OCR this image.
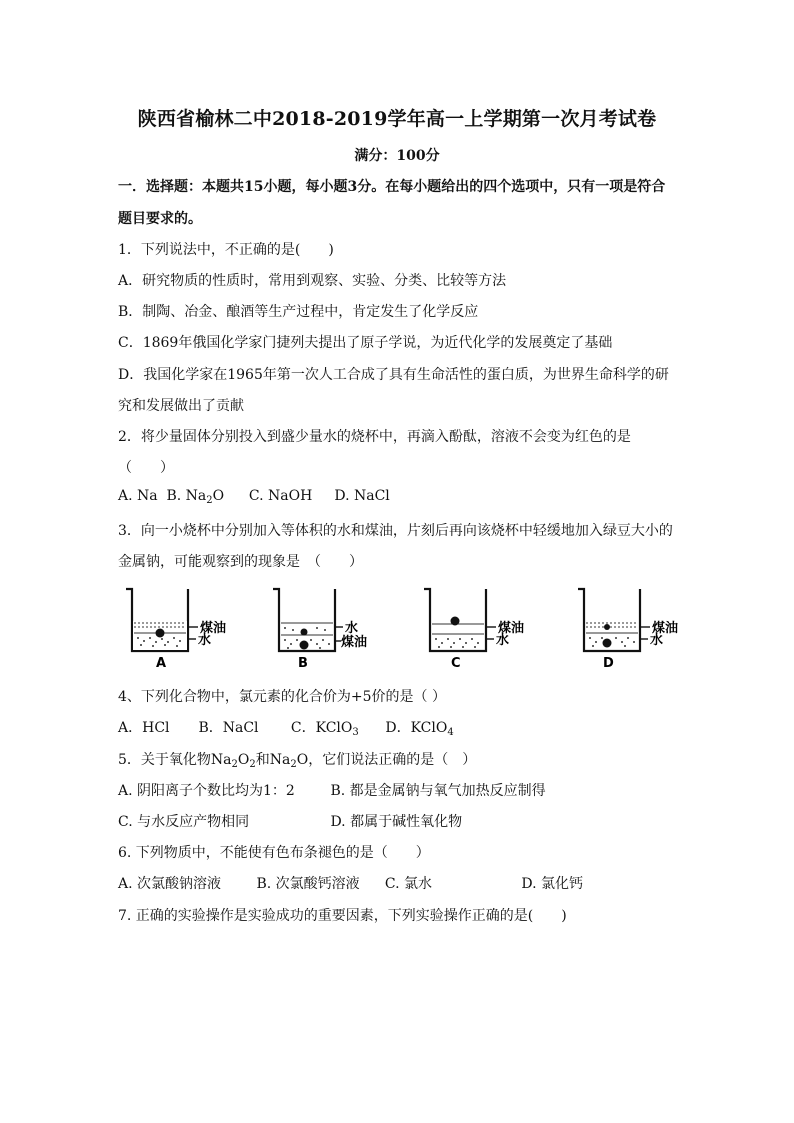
陕西省榆林二中2018-2019学年高一上学期第一次月考试卷
满分：100分
一．选择题：本题共15小题，每小题3分。在每小题给出的四个选项中，只有一项是符合
题目要求的。
1．下列说法中，不正确的是(　　)
A．研究物质的性质时，常用到观察、实验、分类、比较等方法
B．制陶、冶金、酿酒等生产过程中，肯定发生了化学反应
C．1869年俄国化学家门捷列夫提出了原子学说，为近代化学的发展奠定了基础
D．我国化学家在1965年第一次人工合成了具有生命活性的蛋白质，为世界生命科学的研
究和发展做出了贡献
2．将少量固体分别投入到盛少量水的烧杯中，再滴入酚酞，溶液不会变为红色的是
（　　）
A. Na B. $Na_2O$ C. NaOH D. NaCl
3．向一小烧杯中分别加入等体积的水和煤油，片刻后再向该烧杯中轻缓地加入绿豆大小的
金属钠，可能观察到的现象是　（　　）
煤油
水
A
水
煤油
B
煤油
水
C
煤油
水
D
4、下列化合物中，氯元素的化合价为+5价的是（ ）
A．HCl B．NaCl C．KClO$_3$ D．KClO$_4$
5．关于氧化物$Na_2O_2$和$Na_2O$，它们说法正确的是（　）
A. 阴阳离子个数比均为1：2	B. 都是金属钠与氧气加热反应制得
C. 与水反应产物相同	D. 都属于碱性氧化物
6. 下列物质中，不能使有色布条褪色的是（　　）
A. 次氯酸钠溶液	B. 次氯酸钙溶液 C. 氯水	D. 氯化钙
7. 正确的实验操作是实验成功的重要因素，下列实验操作正确的是(　　)
